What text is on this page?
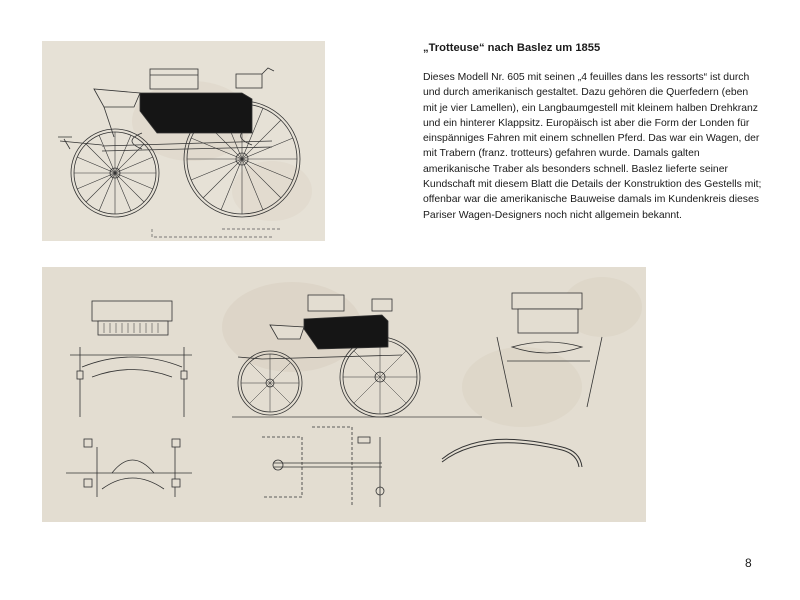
„Trotteuse“ nach Baslez um 1855

Dieses Modell Nr. 605 mit seinen „4 feuilles dans les ressorts“ ist durch und durch amerikanisch gestaltet. Dazu gehören die Querfedern (eben mit je vier Lamellen), ein Langbaumgestell mit kleinem halben Drehkranz und ein hinterer Klappsitz. Europäisch ist aber die Form der Londen für einspänniges Fahren mit einem schnellen Pferd. Das war ein Wagen, der mit Trabern (franz. trotteurs) gefahren wurde. Damals galten amerikanische Traber als besonders schnell. Baslez lieferte seiner Kundschaft mit diesem Blatt die Details der Konstruktion des Gestells mit; offenbar war die amerikanische Bauweise damals im Kundenkreis dieses Pariser Wagen-Designers noch nicht allgemein bekannt.

8
